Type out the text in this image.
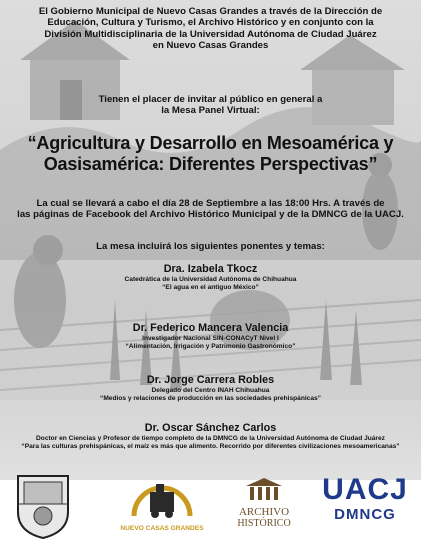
El Gobierno Municipal de Nuevo Casas Grandes a través de la Dirección de
Educación, Cultura y Turismo, el Archivo Histórico y en conjunto con la
División Multidisciplinaria de la Universidad Autónoma de Ciudad Juárez
en Nuevo Casas Grandes
Tienen el placer de invitar al público en general a
la Mesa Panel Virtual:
“Agricultura y Desarrollo en Mesoamérica y
Oasisamérica: Diferentes Perspectivas”
La cual se llevará a cabo el día 28 de Septiembre a las 18:00 Hrs. A través de
las páginas de Facebook del Archivo Histórico Municipal y de la DMNCG de la UACJ.
La mesa incluirá los siguientes ponentes y temas:
Dra. Izabela Tkocz
Catedrática de la Universidad Autónoma de Chihuahua
“El agua en el antiguo México”
Dr. Federico Mancera Valencia
Investigador Nacional SIN-CONACyT Nivel I
“Alimentación, Irrigación y Patrimonio Gastronómico”
Dr. Jorge Carrera Robles
Delegado del Centro INAH Chihuahua
“Medios y relaciones de producción en las sociedades prehispánicas”
Dr. Oscar Sánchez Carlos
Doctor en Ciencias y Profesor de tiempo completo de la DMNCG de la Universidad Autónoma de Ciudad Juárez
“Para las culturas prehispánicas, el maíz es más que alimento. Recorrido por diferentes civilizaciones mesoamericanas”
NUEVO CASAS GRANDES
ARCHIVO
HISTÓRICO
UACJ
DMNCG
